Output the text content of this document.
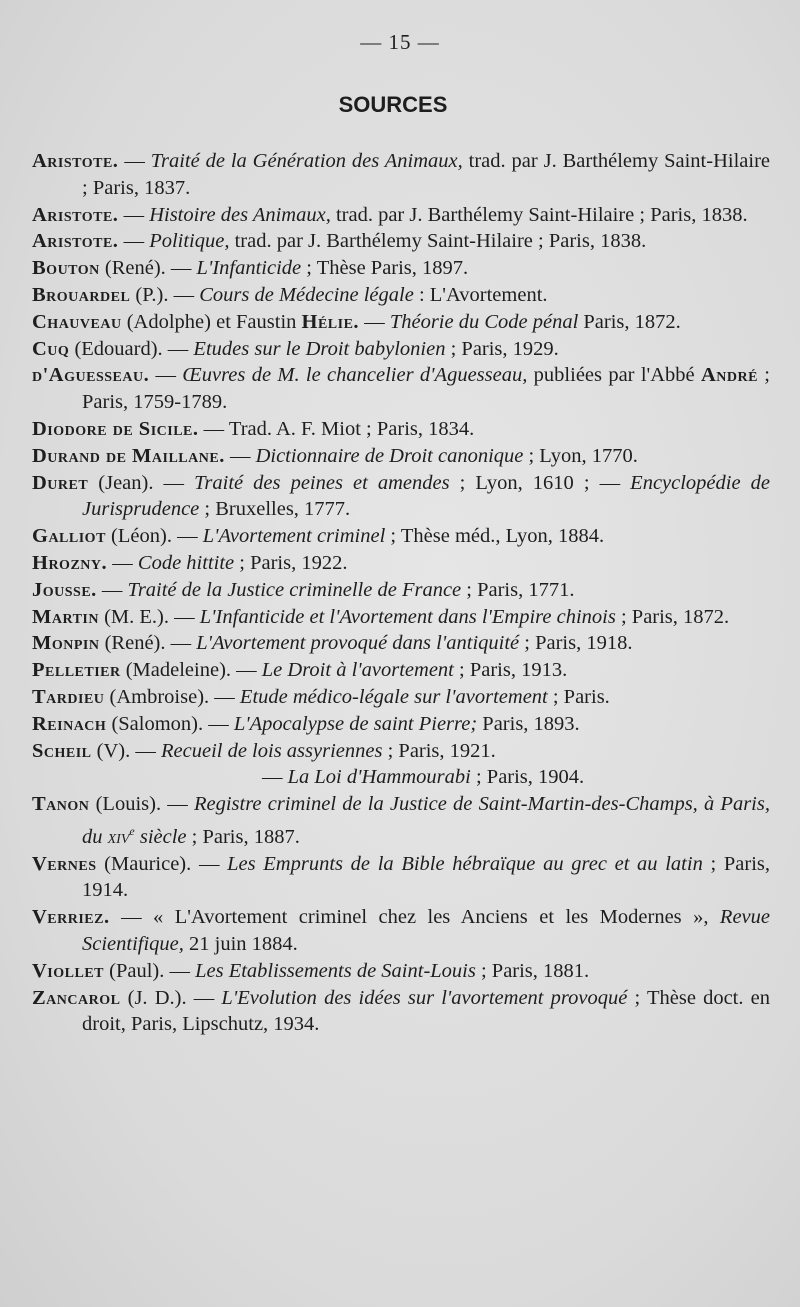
— 15 —
SOURCES
Aristote. — Traité de la Génération des Animaux, trad. par J. Barthélemy Saint-Hilaire ; Paris, 1837.
Aristote. — Histoire des Animaux, trad. par J. Barthélemy Saint-Hilaire ; Paris, 1838.
Aristote. — Politique, trad. par J. Barthélemy Saint-Hilaire ; Paris, 1838.
Bouton (René). — L'Infanticide ; Thèse Paris, 1897.
Brouardel (P.). — Cours de Médecine légale : L'Avortement.
Chauveau (Adolphe) et Faustin Hélie. — Théorie du Code pénal Paris, 1872.
Cuq (Edouard). — Etudes sur le Droit babylonien ; Paris, 1929.
d'Aguesseau. — Œuvres de M. le chancelier d'Aguesseau, publiées par l'Abbé André ; Paris, 1759-1789.
Diodore de Sicile. — Trad. A. F. Miot ; Paris, 1834.
Durand de Maillane. — Dictionnaire de Droit canonique ; Lyon, 1770.
Duret (Jean). — Traité des peines et amendes ; Lyon, 1610 ; — Encyclopédie de Jurisprudence ; Bruxelles, 1777.
Galliot (Léon). — L'Avortement criminel ; Thèse méd., Lyon, 1884.
Hrozny. — Code hittite ; Paris, 1922.
Jousse. — Traité de la Justice criminelle de France ; Paris, 1771.
Martin (M. E.). — L'Infanticide et l'Avortement dans l'Empire chinois ; Paris, 1872.
Monpin (René). — L'Avortement provoqué dans l'antiquité ; Paris, 1918.
Pelletier (Madeleine). — Le Droit à l'avortement ; Paris, 1913.
Tardieu (Ambroise). — Etude médico-légale sur l'avortement ; Paris.
Reinach (Salomon). — L'Apocalypse de saint Pierre; Paris, 1893.
Scheil (V). — Recueil de lois assyriennes ; Paris, 1921.
— La Loi d'Hammourabi ; Paris, 1904.
Tanon (Louis). — Registre criminel de la Justice de Saint-Martin-des-Champs, à Paris, du xiv$^e$ siècle ; Paris, 1887.
Vernes (Maurice). — Les Emprunts de la Bible hébraïque au grec et au latin ; Paris, 1914.
Verriez. — « L'Avortement criminel chez les Anciens et les Modernes », Revue Scientifique, 21 juin 1884.
Viollet (Paul). — Les Etablissements de Saint-Louis ; Paris, 1881.
Zancarol (J. D.). — L'Evolution des idées sur l'avortement provoqué ; Thèse doct. en droit, Paris, Lipschutz, 1934.
